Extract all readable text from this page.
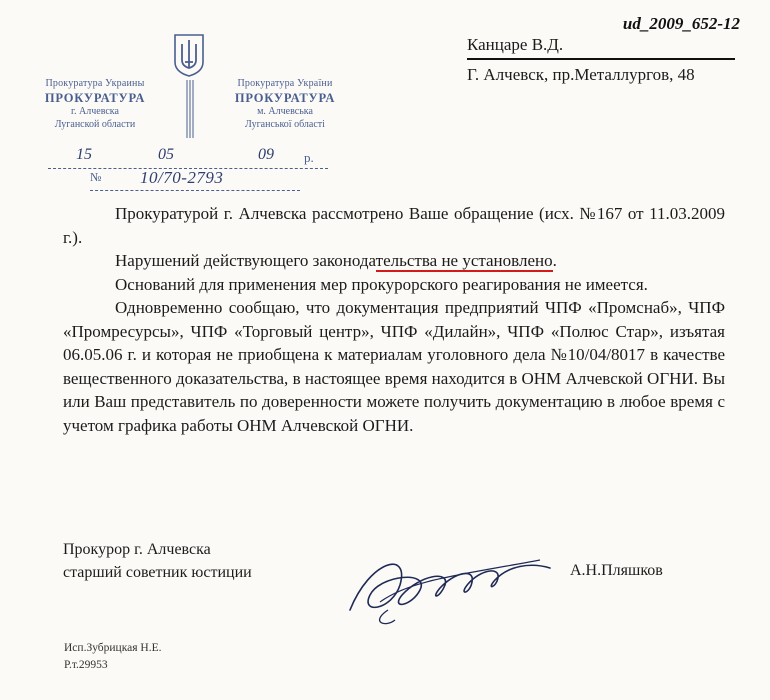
ud_2009_652-12
Прокуратура Украины
ПРОКУРАТУРА
г. Алчевска
Луганской области
Прокуратура України
ПРОКУРАТУРА
м. Алчевська
Луганської області
15	05	09 р.
№ 10/70-2793
Канцаре В.Д.
Г. Алчевск, пр.Металлургов, 48

Прокуратурой г. Алчевска рассмотрено Ваше обращение (исх. №167 от 11.03.2009 г.).

Нарушений действующего законодательства не установлено.

Оснований для применения мер прокурорского реагирования не имеется.

Одновременно сообщаю, что документация предприятий ЧПФ «Промснаб», ЧПФ «Промресурсы», ЧПФ «Торговый центр», ЧПФ «Дилайн», ЧПФ «Полюс Стар», изъятая 06.05.06 г. и которая не приобщена к материалам уголовного дела №10/04/8017 в качестве вещественного доказательства, в настоящее время находится в ОНМ Алчевской ОГНИ. Вы или Ваш представитель по доверенности можете получить документацию в любое время с учетом графика работы ОНМ Алчевской ОГНИ.

Прокурор г. Алчевска
старший советник юстиции	А.Н.Пляшков
Исп.Зубрицкая Н.Е.
Р.т.29953
